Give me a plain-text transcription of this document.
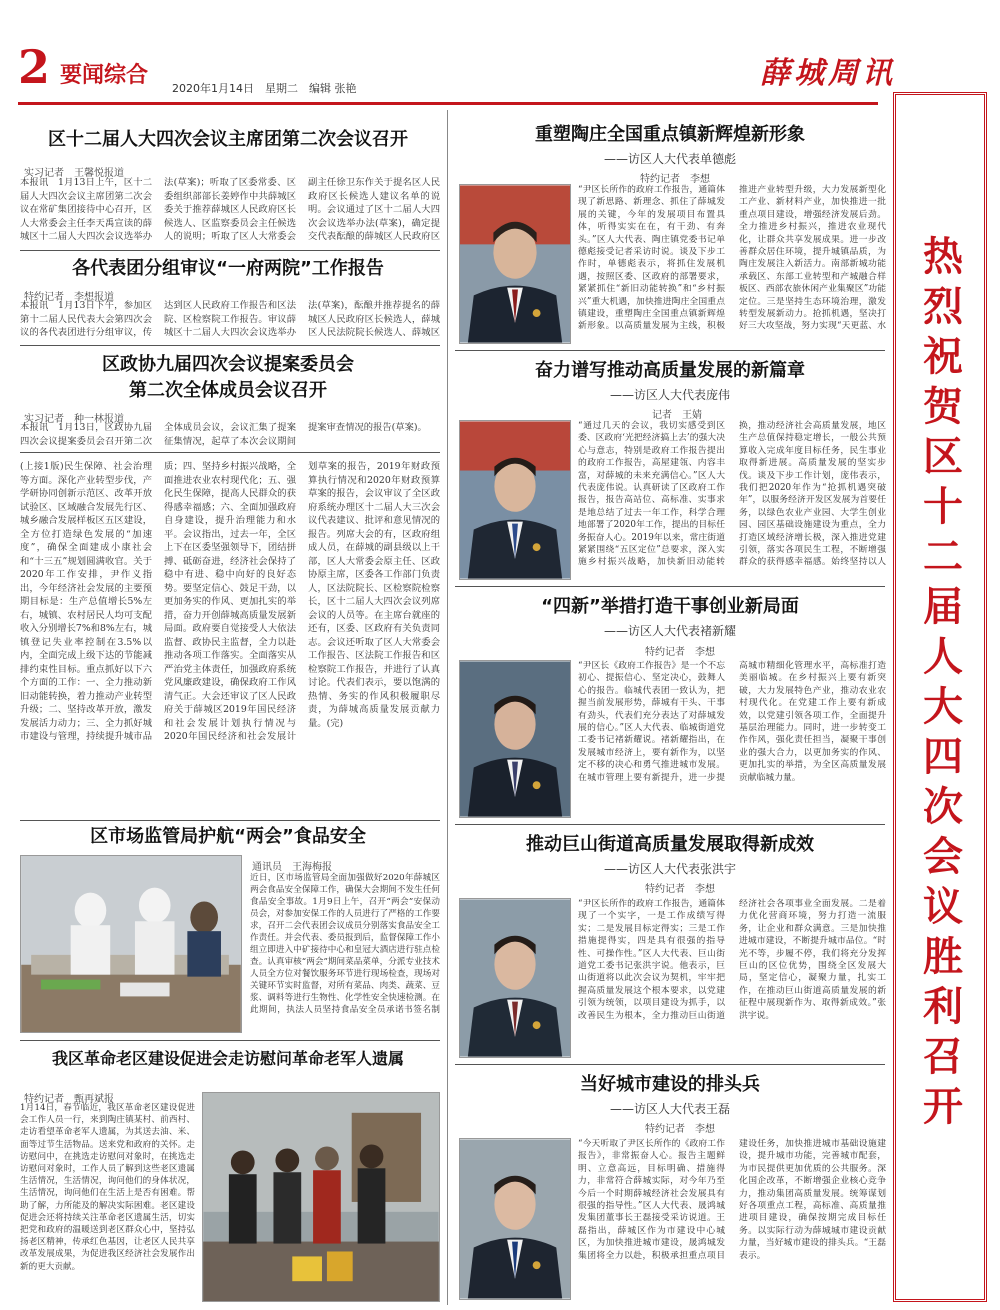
2 要闻综合
2020年1月14日　星期二　编辑 张艳	薛城周讯
热烈祝贺区十二届人大四次会议胜利召开
区十二届人大四次会议主席团第二次会议召开
实习记者　王馨悦报道
本报讯　1月13日上午，区十二届人大四次会议主席团第二次会议在常矿集团接待中心召开，区人大常委会主任李天禹宣读的薛城区十二届人大四次会议选举办法(草案)；听取了区委常委、区委组织部部长姜婷作中共薛城区委关于推荐薛城区人民政府区长候选人、区监察委员会主任候选人的说明；听取了区人大常委会副主任徐卫东作关于提名区人民政府区长候选人建议名单的说明。会议通过了区十二届人大四次会议选举办法(草案)，确定提交代表酝酿的薛城区人民政府区
各代表团分组审议“一府两院”工作报告
特约记者　李想报道
本报讯　1月13日下午，参加区第十二届人民代表大会第四次会议的各代表团进行分组审议，传达到区人民政府工作报告和区法院、区检察院工作报告。审议薛城区十二届人大四次会议选举办法(草案)，酝酿并推荐提名的薛城区人民政府区长候选人，薛城区人民法院院长候选人、薛城区
区政协九届四次会议提案委员会
第二次全体成员会议召开
实习记者　种一林报道
本报讯　1月13日，区政协九届四次会议提案委员会召开第二次全体成员会议，会议汇集了提案征集情况，起草了本次会议期间提案审查情况的报告(草案)。
(上接1版)民生保障、社会治理等方面。深化产业转型步伐，产学研协同创新示范区、改革开放试验区、区域融合发展先行区、城乡融合发展样板区五区建设，全方位打造绿色发展的“加速度”，确保全面建成小康社会和“十三五”规划圆满收官。关于2020年工作安排，尹作义指出，今年经济社会发展的主要预期目标是：生产总值增长5%左右，城镇、农村居民人均可支配收入分别增长7%和8%左右，城镇登记失业率控制在3.5%以内，全面完成上级下达的节能减排约束性目标。重点抓好以下六个方面的工作：一、全力推动新旧动能转换，着力推动产业转型升级；二、坚持改革开放，激发发展活力动力；三、全力抓好城市建设与管理，持续提升城市品质；四、坚持乡村振兴战略，全面推进农业农村现代化；五、强化民生保障，提高人民群众的获得感幸福感；六、全面加强政府自身建设，提升治理能力和水平。会议指出，过去一年，全区上下在区委坚强领导下，团结拼搏、砥砺奋进，经济社会保持了稳中有进、稳中向好的良好态势。要坚定信心、鼓足干劲，以更加务实的作风、更加扎实的举措，奋力开创薛城高质量发展新局面。政府要自觉接受人大依法监督、政协民主监督，全力以赴推动各项工作落实。全面落实从严治党主体责任，加强政府系统党风廉政建设，确保政府工作风清气正。大会还审议了区人民政府关于薛城区2019年国民经济和社会发展计划执行情况与2020年国民经济和社会发展计划草案的报告，2019年财政预算执行情况和2020年财政预算草案的报告，会议审议了全区政府系统办理区十二届人大三次会议代表建议、批评和意见情况的报告。列席大会的有，区政府组成人员，在薛城的副县级以上干部，区人大常委会原主任、区政协原主席，区委各工作部门负责人，区法院院长、区检察院检察长，区十二届人大四次会议列席会议的人员等。在主席台就座的还有，区委、区政府有关负责同志。会议还听取了区人大常委会工作报告、区法院工作报告和区检察院工作报告，并进行了认真讨论。代表们表示，要以饱满的热情、务实的作风积极履职尽责，为薛城高质量发展贡献力量。(完)
区市场监管局护航“两会”食品安全
通讯员　王海梅报
近日，区市场监管局全面加强做好2020年薛城区两会食品安全保障工作，确保大会期间不发生任何食品安全事故。1月9日上午，召开“两会”安保动员会，对参加安保工作的人员进行了严格的工作要求，召开二会代表团会议成员分别落实食品安全工作责任。并会代表、委员报到后，监督保障工作小组立即进入中矿接待中心和皇冠大酒店进行驻点检查。认真审核“两会”期间菜品菜单，分派专业技术人员全方位对餐饮服务环节进行现场检查，现场对关键环节实时监督，对所有菜品、肉类、蔬菜、豆浆、调料等进行生物性、化学性安全快速检测。在此期间，执法人员坚持食品安全员承诺书签名制
我区革命老区建设促进会走访慰问革命老军人遗属
特约记者　甄再斌报
1月14日，春节临近，我区革命老区建设促进会工作人员一行，来到陶庄镇某村、前西村、走访看望革命老军人遗属，为其送去油、米、面等过节生活物品。送来党和政府的关怀。走访慰问中，在挑选走访慰问对象时，在挑选走访慰问对象时，工作人员了解到这些老区遗属生活情况，生活情况，询问他们的身体状况，生活情况，询问他们在生活上是否有困难。帮助了解，力所能及的解决实际困难。老区建设促进会还将持续关注革命老区遗属生活，切实把党和政府的温暖送到老区群众心中，坚持弘扬老区精神，传承红色基因，让老区人民共享改革发展成果，为促进我区经济社会发展作出新的更大贡献。
重塑陶庄全国重点镇新辉煌新形象
——访区人大代表单德彪
特约记者　李想
“尹区长所作的政府工作报告，通篇体现了新思路、新理念、抓住了薛城发展的关键，今年的发展项目布置具体，听得实实在在，有干劲、有奔头。”区人大代表、陶庄镇党委书记单德彪接受记者采访时说。谈及下步工作时，单德彪表示，将抓住发展机遇，按照区委、区政府的部署要求，紧紧抓住“新旧动能转换”和“乡村振兴”重大机遇，加快推进陶庄全国重点镇建设，重塑陶庄全国重点镇新辉煌新形象。以高质量发展为主线，积极推进产业转型升级，大力发展新型化工产业、新材料产业，加快推进一批重点项目建设，增强经济发展后劲。全力推进乡村振兴，推进农业现代化，让群众共享发展成果。进一步改善群众居住环境，提升城镇品质，为陶庄发展注入新活力。南部新城功能承载区、东部工业转型和产城融合样板区、西部农旅休闲产业集聚区”功能定位。三是坚持生态环境治理，激发转型发展新动力。抢抓机遇，坚决打好三大攻坚战，努力实现“天更蓝、水
奋力谱写推动高质量发展的新篇章
——访区人大代表庞伟
记者　王婧
“通过几天的会议，我切实感受到区委、区政府‘光把经济搞上去’的强大决心与意志，特别是政府工作报告提出的政府工作报告，高屋建瓴、内容丰富，对薛城的未来充满信心。”区人大代表庞伟说。认真研读了区政府工作报告，报告高站位、高标准、实事求是地总结了过去一年工作，科学合理地部署了2020年工作，提出的目标任务振奋人心。2019年以来，常庄街道紧紧围绕“五区定位”总要求，深入实施乡村振兴战略，加快新旧动能转换，推动经济社会高质量发展，地区生产总值保持稳定增长，一般公共预算收入完成年度目标任务，民生事业取得新进展。高质量发展的坚实步伐。谈及下步工作计划，庞伟表示，我们把2020年作为“抢抓机遇突破年”，以服务经济开发区发展为首要任务，以绿色农业产业园、大学生创业园、园区基础设施建设为重点，全力打造区域经济增长极，深入推进党建引领，落实各项民生工程，不断增强群众的获得感幸福感。始终坚持以人
“四新”举措打造干事创业新局面
——访区人大代表褚新耀
特约记者　李想
“尹区长《政府工作报告》是一个不忘初心、提振信心、坚定决心，鼓舞人心的报告。临城代表团一致认为，把握当前发展形势，薛城有干头、干事有劲头，代表们充分表达了对薛城发展的信心。”区人大代表、临城街道党工委书记褚新耀说。褚新耀指出，在发展城市经济上，要有新作为，以坚定不移的决心和勇气推进城市发展。在城市管理上要有新提升，进一步提高城市精细化管理水平，高标准打造美丽临城。在乡村振兴上要有新突破，大力发展特色产业，推动农业农村现代化。在党建工作上要有新成效，以党建引领各项工作，全面提升基层治理能力。同时，进一步转变工作作风，强化责任担当，凝聚干事创业的强大合力，以更加务实的作风、更加扎实的举措，为全区高质量发展贡献临城力量。
推动巨山街道高质量发展取得新成效
——访区人大代表张洪宇
特约记者　李想
“尹区长所作的政府工作报告，通篇体现了一个实字，一是工作成绩写得实；二是发展目标定得实；三是工作措施提得实，四是具有很强的指导性、可操作性。”区人大代表、巨山街道党工委书记张洪宇说。他表示，巨山街道将以此次会议为契机，牢牢把握高质量发展这个根本要求，以党建引领为统领，以项目建设为抓手，以改善民生为根本，全力推动巨山街道经济社会各项事业全面发展。二是着力优化营商环境，努力打造一流服务，让企业和群众满意。三是加快推进城市建设，不断提升城市品位。“时光不等，步履不停，我们将充分发挥巨山的区位优势，围绕全区发展大局，坚定信心，凝聚力量，扎实工作，在推动巨山街道高质量发展的新征程中展现新作为、取得新成效。”张洪宇说。
当好城市建设的排头兵
——访区人大代表王磊
特约记者　李想
“今天听取了尹区长所作的《政府工作报告》，非常振奋人心。报告主题鲜明、立意高远，目标明确、措施得力，非常符合薛城实际，对今年乃至今后一个时期薛城经济社会发展具有很强的指导性。”区人大代表、晟鸿城发集团董事长王磊接受采访说道。王磊指出，薛城区作为市建设中心城区，为加快推进城市建设，晟鸿城发集团将全力以赴，积极承担重点项目建设任务，加快推进城市基础设施建设，提升城市功能，完善城市配套，为市民提供更加优质的公共服务。深化国企改革，不断增强企业核心竞争力，推动集团高质量发展。统筹谋划好各项重点工程，高标准、高质量推进项目建设，确保按期完成目标任务。以实际行动为薛城城市建设贡献力量，当好城市建设的排头兵。“王磊表示。
